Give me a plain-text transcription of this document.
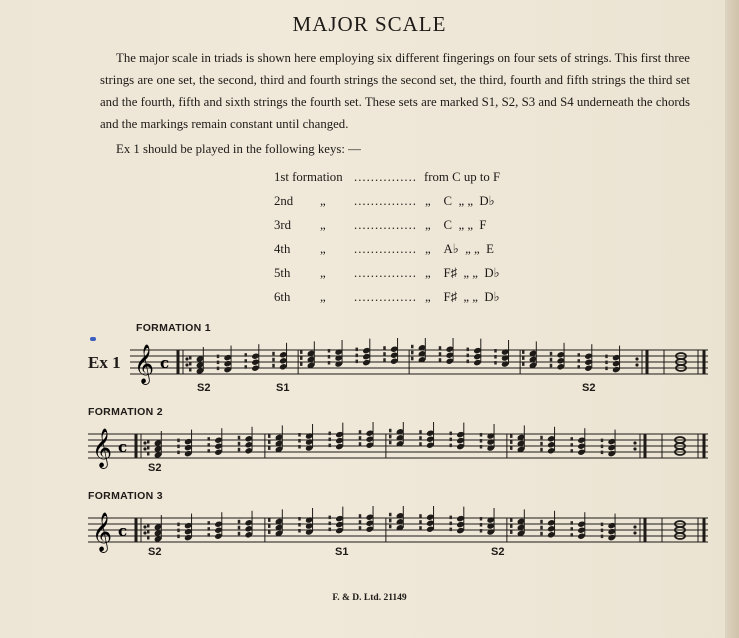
MAJOR SCALE

The major scale in triads is shown here employing six different fingerings on four sets of strings. This first three strings are one set, the second, third and fourth strings the second set, the third, fourth and fifth strings the third set and the fourth, fifth and sixth strings the fourth set. These sets are marked S1, S2, S3 and S4 underneath the chords and the markings remain constant until changed.

Ex 1 should be played in the following keys: —
1st formation ............... from C up to F
2nd „ ............... „ C „ „ D♭
3rd „ ............... „ C „ „ F
4th „ ............... „ A♭ „ „ E
5th „ ............... „ F♯ „ „ D♭
6th „ ............... „ F♯ „ „ D♭
FORMATION 1
Ex 1 𝄞 c
S2	S1	S2
FORMATION 2
𝄞 c
S2
FORMATION 3
𝄞 c
S2	S1	S2
F. & D. Ltd. 21149
